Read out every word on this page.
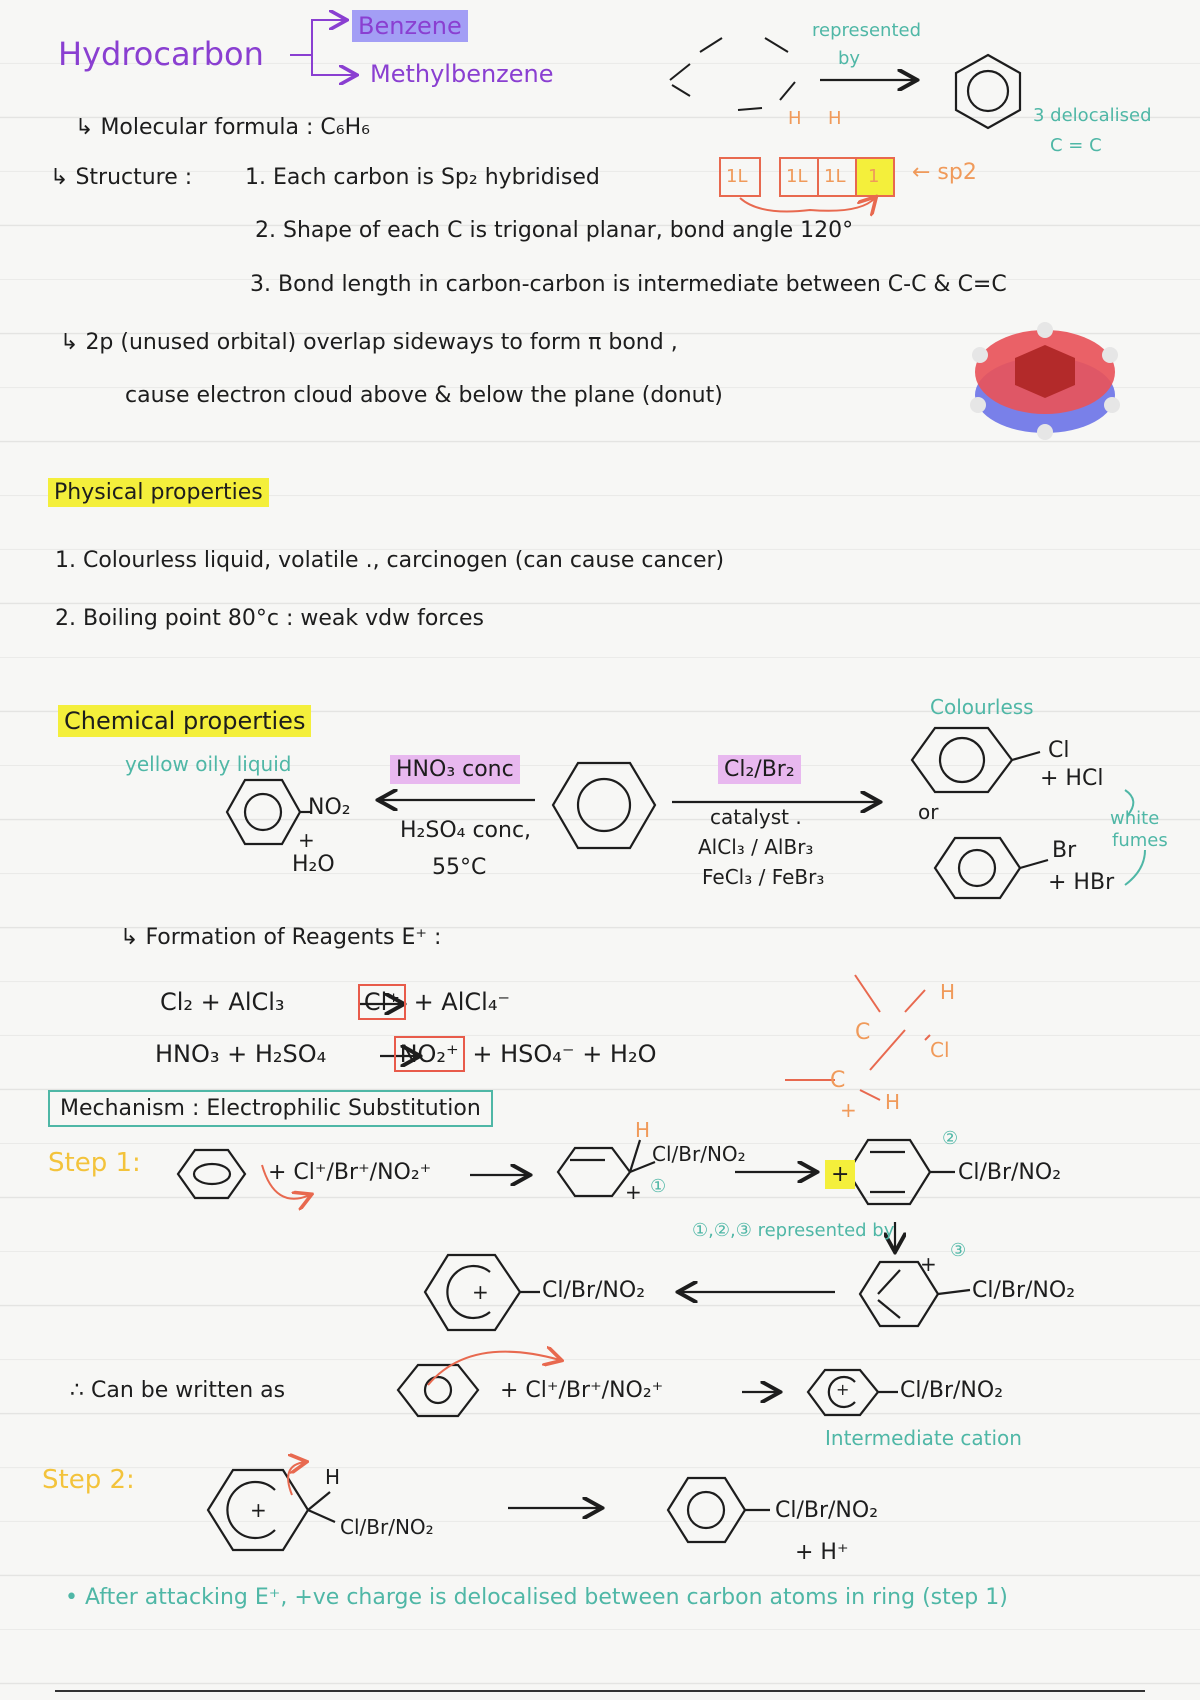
Hydrocarbon
Benzene
Methylbenzene
represented
by
3 delocalised
C = C
H H
↳ Molecular formula : C₆H₆
↳ Structure : 1. Each carbon is Sp₂ hybridised	1L 1L 1L 1 ← sp2
2. Shape of each C is trigonal planar, bond angle 120°
3. Bond length in carbon-carbon is intermediate between C-C & C=C
↳ 2p (unused orbital) overlap sideways to form π bond ,
cause electron cloud above & below the plane (donut)
Physical properties
1. Colourless liquid, volatile ., carcinogen (can cause cancer)
2. Boiling point 80°c : weak vdw forces
Chemical properties
yellow oily liquid
NO₂
+
H₂O
HNO₃ conc
H₂SO₄ conc,
55°C
Cl₂/Br₂
catalyst .
AlCl₃ / AlBr₃
FeCl₃ / FeBr₃
or
Colourless
Cl
+ HCl
Br
+ HBr
white
fumes
↳ Formation of Reagents E⁺ :
Cl₂ + AlCl₃	Cl⁺ + AlCl₄⁻
HNO₃ + H₂SO₄	NO₂⁺ + HSO₄⁻ + H₂O
C
H
Cl
C
H
+
Mechanism : Electrophilic Substitution
Step 1:	+ Cl⁺/Br⁺/NO₂⁺
H
Cl/Br/NO₂
+ ①	+
②
Cl/Br/NO₂
①,②,③ represented by
+
③
Cl/Br/NO₂
+ Cl/Br/NO₂
∴ Can be written as	+ Cl⁺/Br⁺/NO₂⁺	+ Cl/Br/NO₂
Intermediate cation
Step 2:
+
H
Cl/Br/NO₂
Cl/Br/NO₂
+ H⁺
• After attacking E⁺, +ve charge is delocalised between carbon atoms in ring (step 1)
